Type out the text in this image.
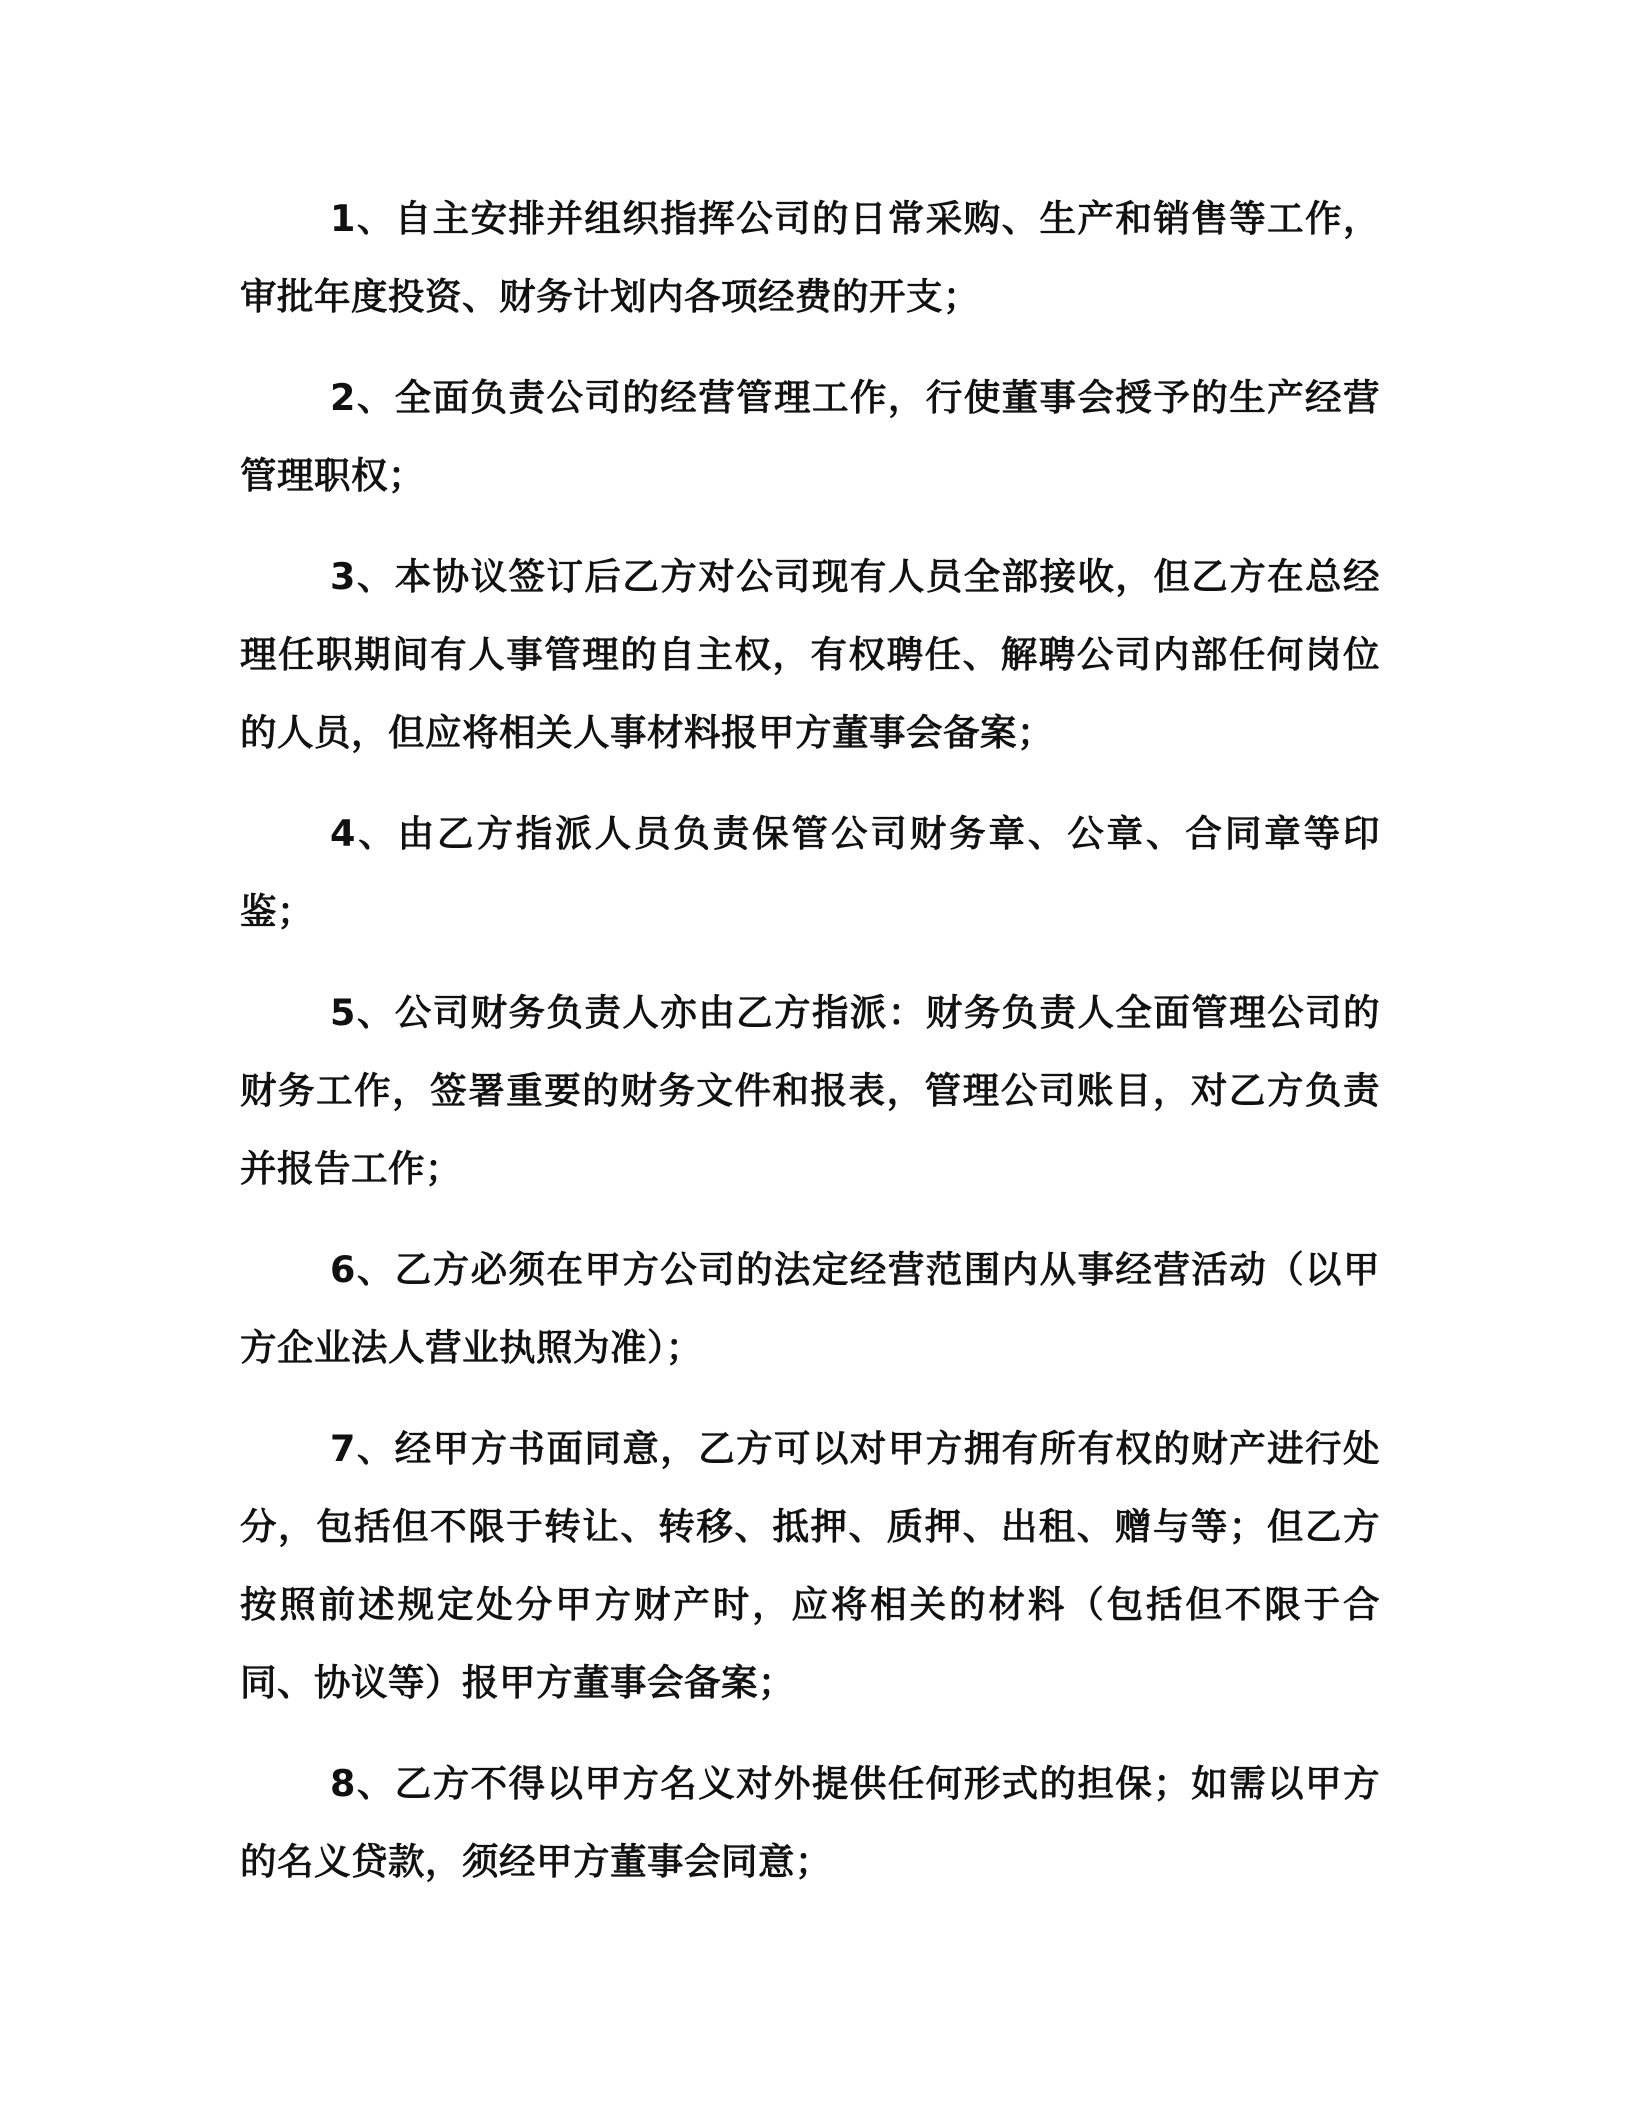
1、自主安排并组织指挥公司的日常采购、生产和销售等工作，审批年度投资、财务计划内各项经费的开支；

2、全面负责公司的经营管理工作，行使董事会授予的生产经营管理职权；

3、本协议签订后乙方对公司现有人员全部接收，但乙方在总经理任职期间有人事管理的自主权，有权聘任、解聘公司内部任何岗位的人员，但应将相关人事材料报甲方董事会备案；

4、由乙方指派人员负责保管公司财务章、公章、合同章等印鉴；

5、公司财务负责人亦由乙方指派：财务负责人全面管理公司的财务工作，签署重要的财务文件和报表，管理公司账目，对乙方负责并报告工作；

6、乙方必须在甲方公司的法定经营范围内从事经营活动（以甲方企业法人营业执照为准）；

7、经甲方书面同意，乙方可以对甲方拥有所有权的财产进行处分，包括但不限于转让、转移、抵押、质押、出租、赠与等；但乙方按照前述规定处分甲方财产时，应将相关的材料（包括但不限于合同、协议等）报甲方董事会备案；

8、乙方不得以甲方名义对外提供任何形式的担保；如需以甲方的名义贷款，须经甲方董事会同意；
